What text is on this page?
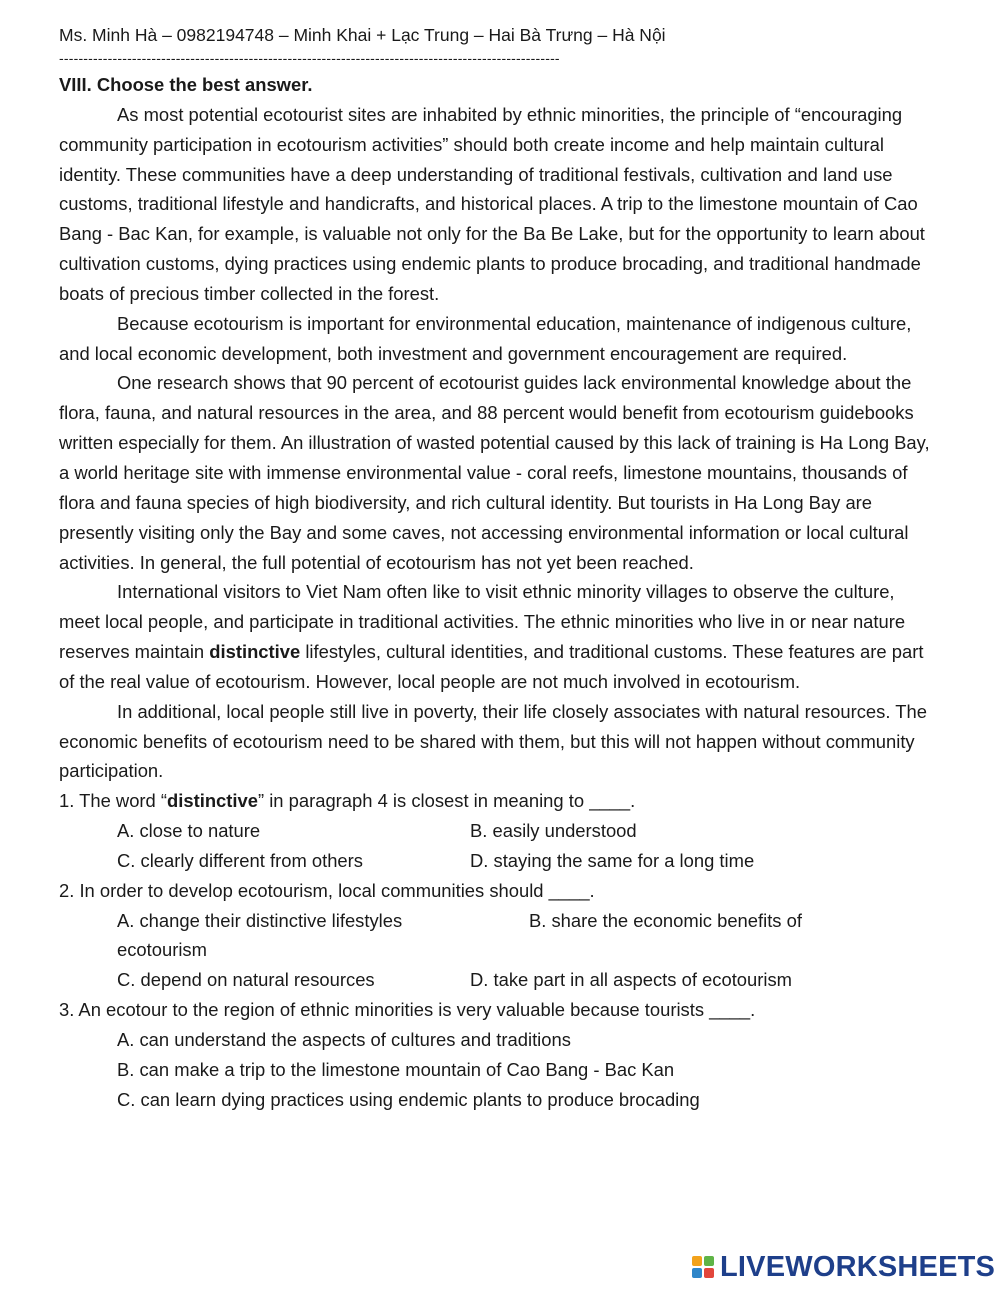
Ms. Minh Hà – 0982194748 – Minh Khai + Lạc Trung – Hai Bà Trưng – Hà Nội
-------------------------------------------------------------------------------------------------------
VIII. Choose the best answer.

As most potential ecotourist sites are inhabited by ethnic minorities, the principle of “encouraging community participation in ecotourism activities” should both create income and help maintain cultural identity. These communities have a deep understanding of traditional festivals, cultivation and land use customs, traditional lifestyle and handicrafts, and historical places. A trip to the limestone mountain of Cao Bang - Bac Kan, for example, is valuable not only for the Ba Be Lake, but for the opportunity to learn about cultivation customs, dying practices using endemic plants to produce brocading, and traditional handmade boats of precious timber collected in the forest.

Because ecotourism is important for environmental education, maintenance of indigenous culture, and local economic development, both investment and government encouragement are required.

One research shows that 90 percent of ecotourist guides lack environmental knowledge about the flora, fauna, and natural resources in the area, and 88 percent would benefit from ecotourism guidebooks written especially for them. An illustration of wasted potential caused by this lack of training is Ha Long Bay, a world heritage site with immense environmental value - coral reefs, limestone mountains, thousands of flora and fauna species of high biodiversity, and rich cultural identity. But tourists in Ha Long Bay are presently visiting only the Bay and some caves, not accessing environmental information or local cultural activities. In general, the full potential of ecotourism has not yet been reached.

International visitors to Viet Nam often like to visit ethnic minority villages to observe the culture, meet local people, and participate in traditional activities. The ethnic minorities who live in or near nature reserves maintain distinctive lifestyles, cultural identities, and traditional customs. These features are part of the real value of ecotourism. However, local people are not much involved in ecotourism.

In additional, local people still live in poverty, their life closely associates with natural resources. The economic benefits of ecotourism need to be shared with them, but this will not happen without community participation.

1. The word “distinctive” in paragraph 4 is closest in meaning to ____.

A. close to nature	B. easily understood
C. clearly different from others	D. staying the same for a long time

2. In order to develop ecotourism, local communities should ____.

A. change their distinctive lifestyles	B. share the economic benefits of ecotourism
C. depend on natural resources	D. take part in all aspects of ecotourism

3. An ecotour to the region of ethnic minorities is very valuable because tourists ____.

A. can understand the aspects of cultures and traditions
B. can make a trip to the limestone mountain of Cao Bang - Bac Kan
C. can learn dying practices using endemic plants to produce brocading
LIVEWORKSHEETS
